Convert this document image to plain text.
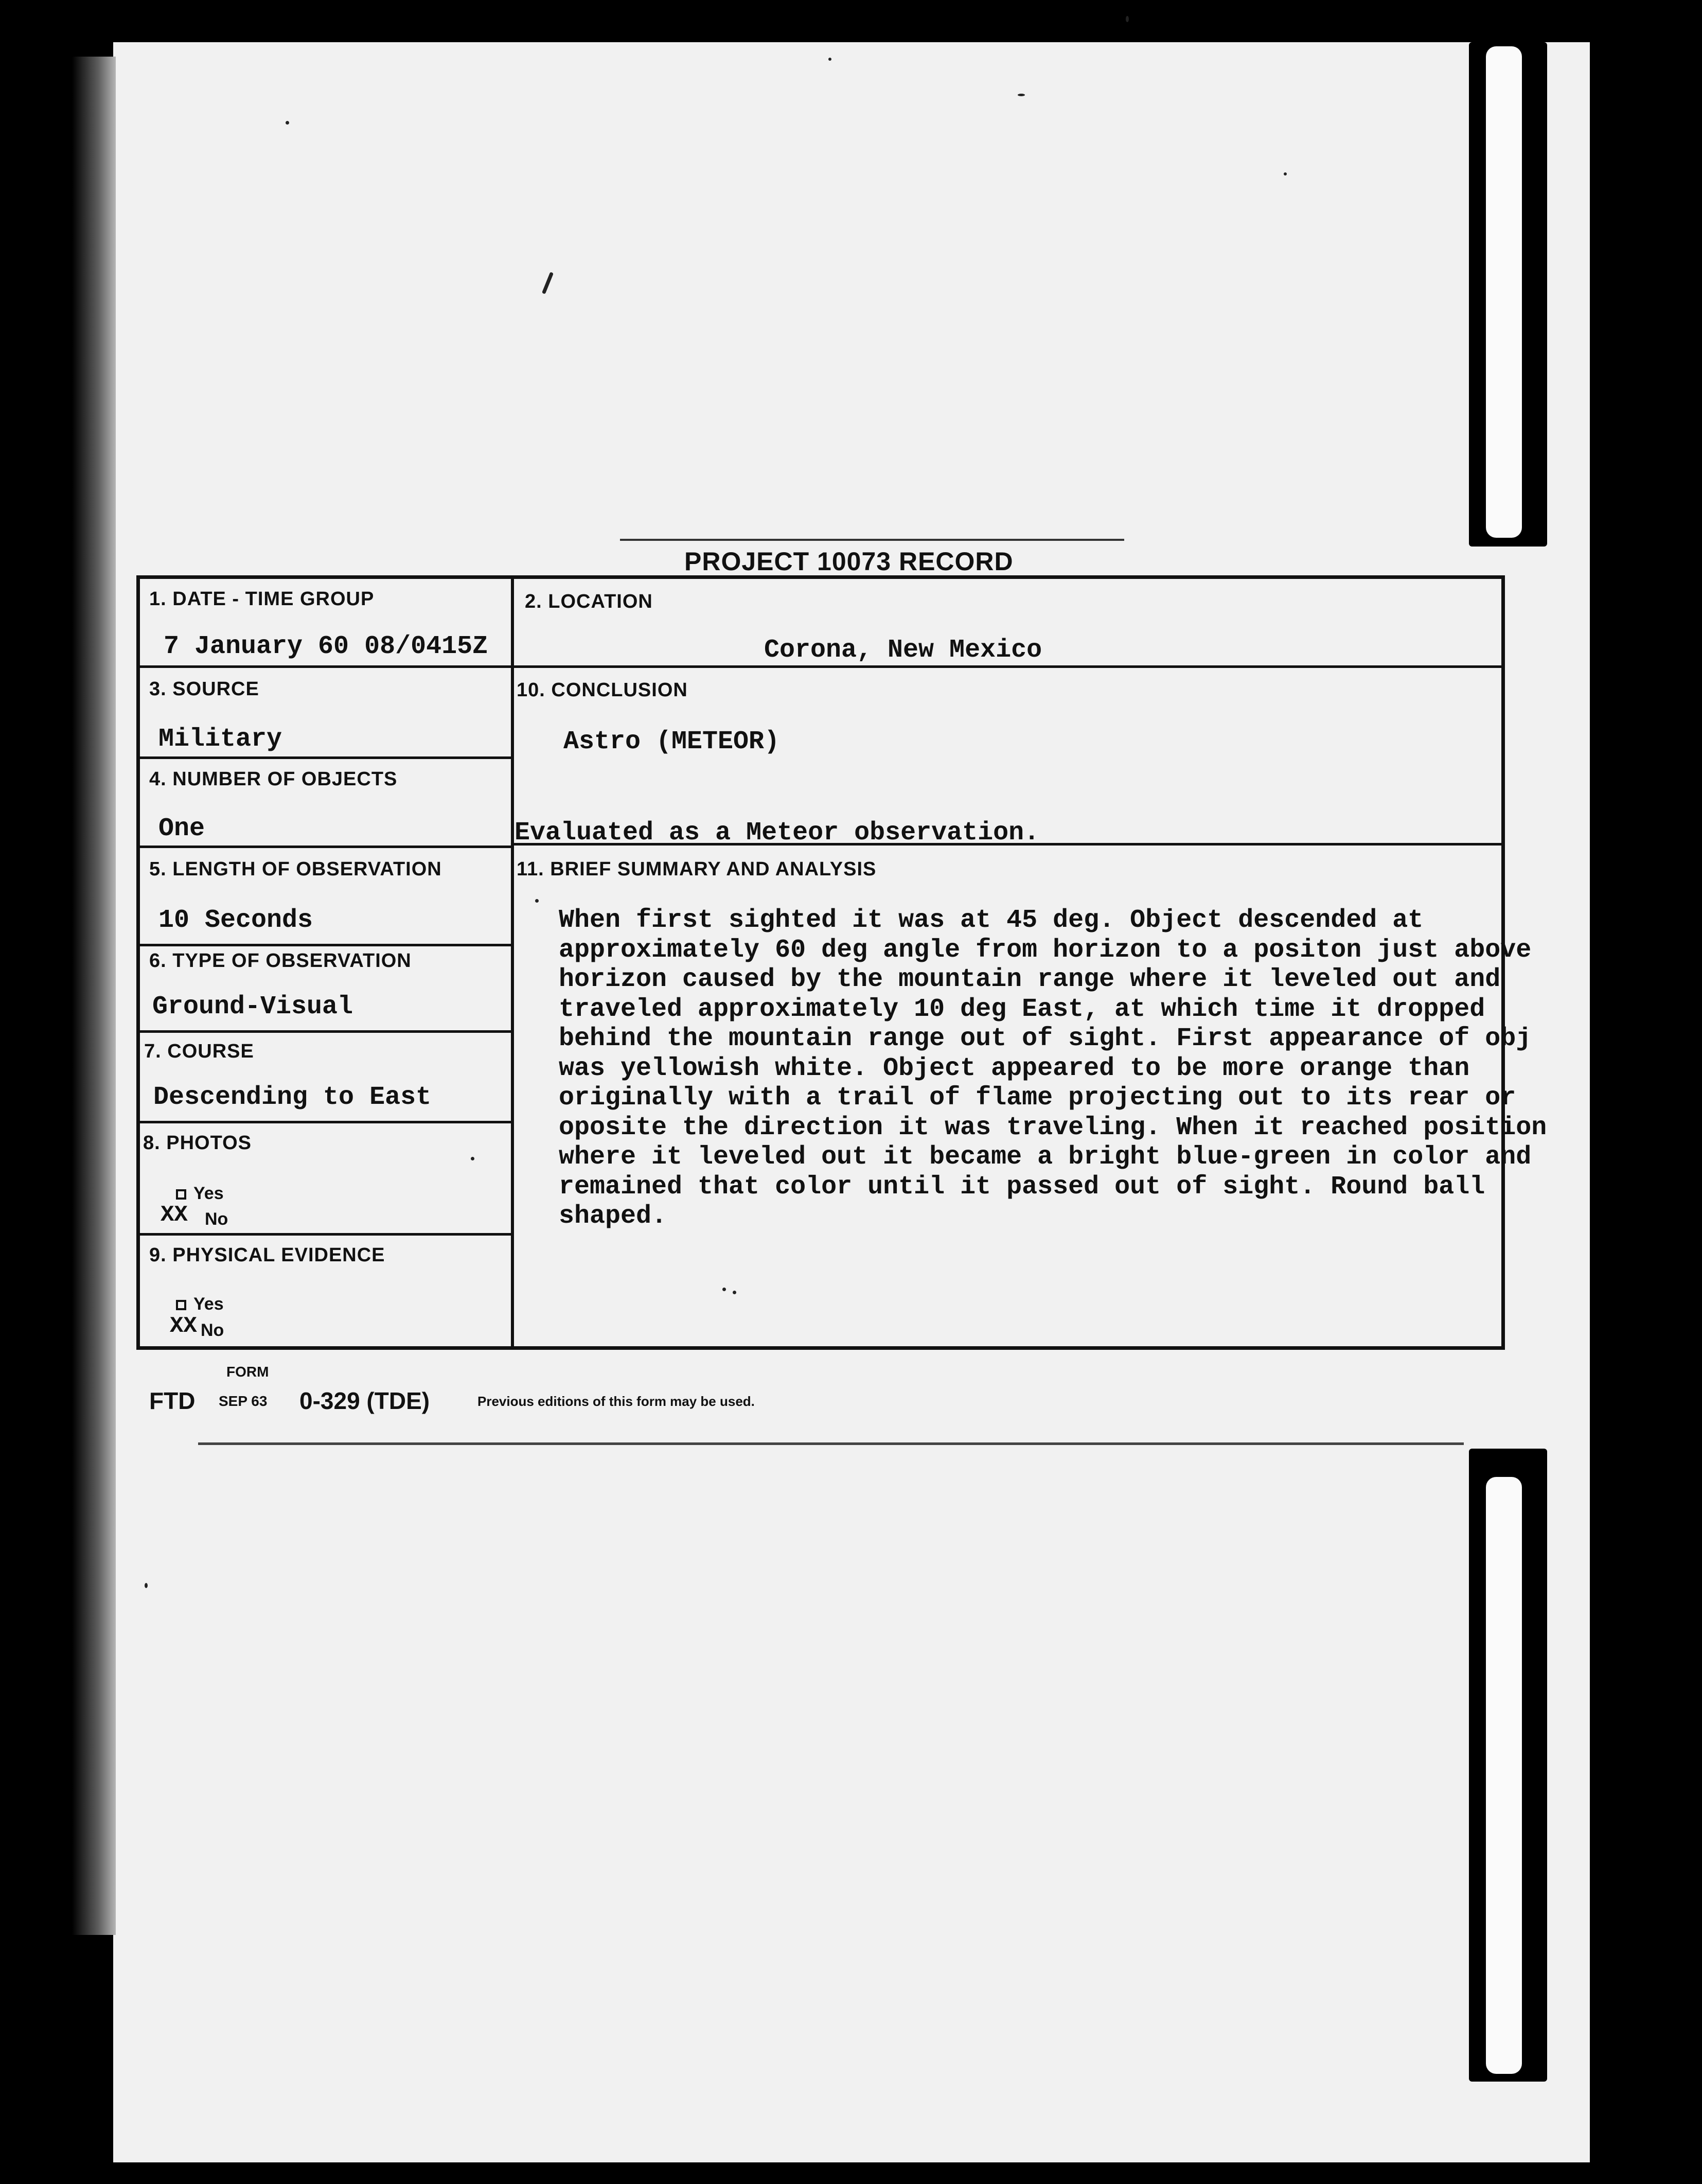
PROJECT 10073 RECORD
1. DATE - TIME GROUP
7 January 60 08/0415Z
2. LOCATION
Corona, New Mexico
3. SOURCE
Military
10. CONCLUSION
Astro (METEOR)
Evaluated as a Meteor observation.
4. NUMBER OF OBJECTS
One
5. LENGTH OF OBSERVATION
10 Seconds
11. BRIEF SUMMARY AND ANALYSIS
When first sighted it was at 45 deg. Object descended at
approximately 60 deg angle from horizon to a positon just above
horizon caused by the mountain range where it leveled out and
traveled approximately 10 deg East, at which time it dropped
behind the mountain range out of sight. First appearance of obj
was yellowish white. Object appeared to be more orange than
originally with a trail of flame projecting out to its rear or
oposite the direction it was traveling. When it reached position
where it leveled out it became a bright blue-green in color and
remained that color until it passed out of sight. Round ball
shaped.
6. TYPE OF OBSERVATION
Ground-Visual
7. COURSE
Descending to East
8. PHOTOS
Yes
XX No
9. PHYSICAL EVIDENCE
Yes
XX No
FORM
FTD SEP 63 0-329 (TDE)	Previous editions of this form may be used.
